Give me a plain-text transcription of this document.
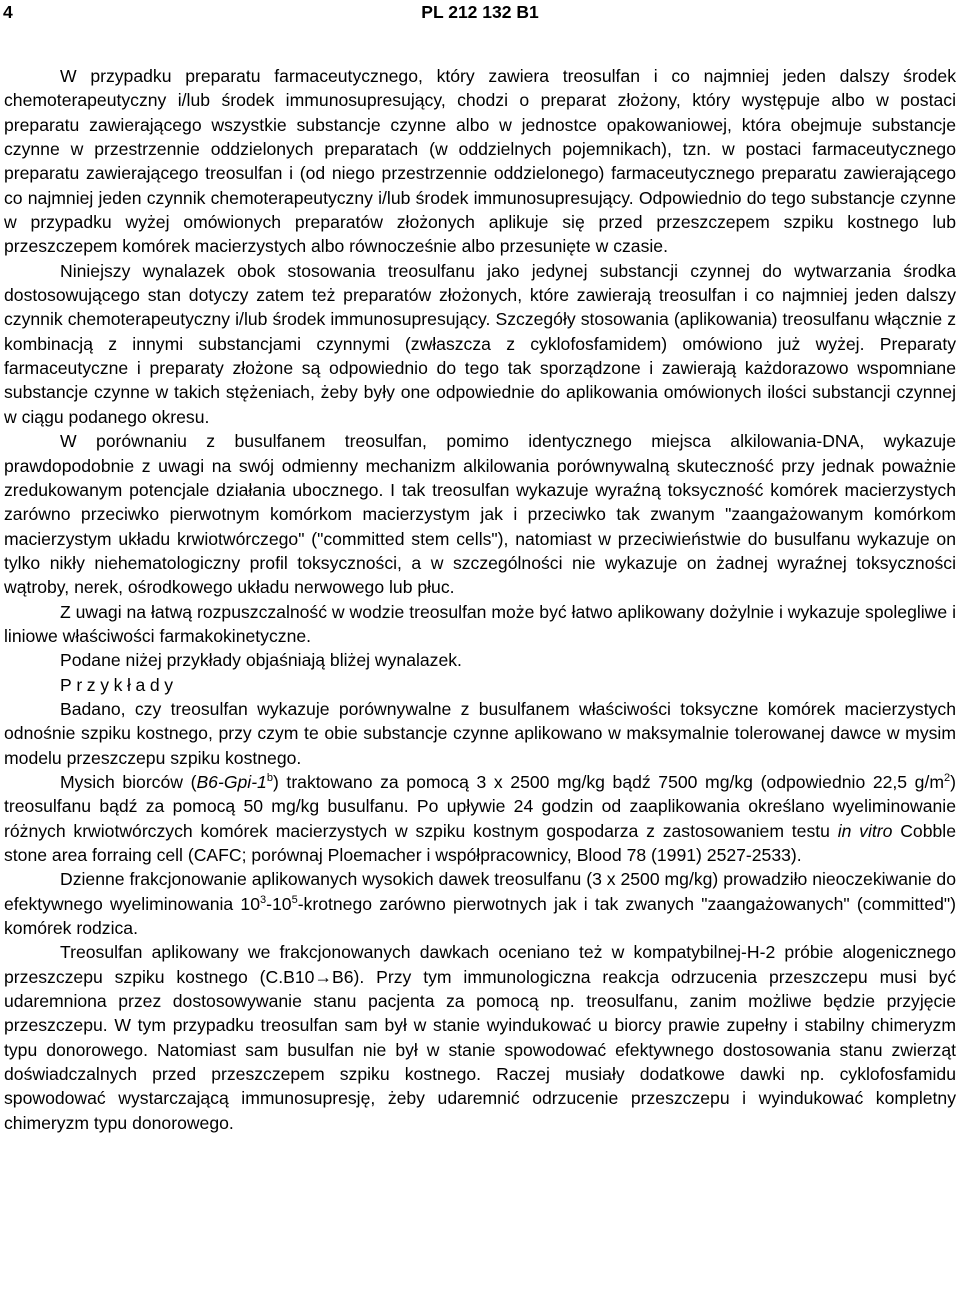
4	PL 212 132 B1

W przypadku preparatu farmaceutycznego, który zawiera treosulfan i co najmniej jeden dalszy środek chemoterapeutyczny i/lub środek immunosupresujący, chodzi o preparat złożony, który występuje albo w postaci preparatu zawierającego wszystkie substancje czynne albo w jednostce opakowaniowej, która obejmuje substancje czynne w przestrzennie oddzielonych preparatach (w oddzielnych pojemnikach), tzn. w postaci farmaceutycznego preparatu zawierającego treosulfan i (od niego przestrzennie oddzielonego) farmaceutycznego preparatu zawierającego co najmniej jeden czynnik chemoterapeutyczny i/lub środek immunosupresujący. Odpowiednio do tego substancje czynne w przypadku wyżej omówionych preparatów złożonych aplikuje się przed przeszczepem szpiku kostnego lub przeszczepem komórek macierzystych albo równocześnie albo przesunięte w czasie.

Niniejszy wynalazek obok stosowania treosulfanu jako jedynej substancji czynnej do wytwarzania środka dostosowującego stan dotyczy zatem też preparatów złożonych, które zawierają treosulfan i co najmniej jeden dalszy czynnik chemoterapeutyczny i/lub środek immunosupresujący. Szczegóły stosowania (aplikowania) treosulfanu włącznie z kombinacją z innymi substancjami czynnymi (zwłaszcza z cyklofosfamidem) omówiono już wyżej. Preparaty farmaceutyczne i preparaty złożone są odpowiednio do tego tak sporządzone i zawierają każdorazowo wspomniane substancje czynne w takich stężeniach, żeby były one odpowiednie do aplikowania omówionych ilości substancji czynnej w ciągu podanego okresu.

W porównaniu z busulfanem treosulfan, pomimo identycznego miejsca alkilowania-DNA, wykazuje prawdopodobnie z uwagi na swój odmienny mechanizm alkilowania porównywalną skuteczność przy jednak poważnie zredukowanym potencjale działania ubocznego. I tak treosulfan wykazuje wyraźną toksyczność komórek macierzystych zarówno przeciwko pierwotnym komórkom macierzystym jak i przeciwko tak zwanym "zaangażowanym komórkom macierzystym układu krwiotwórczego" ("committed stem cells"), natomiast w przeciwieństwie do busulfanu wykazuje on tylko nikły niehematologiczny profil toksyczności, a w szczególności nie wykazuje on żadnej wyraźnej toksyczności wątroby, nerek, ośrodkowego układu nerwowego lub płuc.

Z uwagi na łatwą rozpuszczalność w wodzie treosulfan może być łatwo aplikowany dożylnie i wykazuje spolegliwe i liniowe właściwości farmakokinetyczne.

Podane niżej przykłady objaśniają bliżej wynalazek.

Przykłady

Badano, czy treosulfan wykazuje porównywalne z busulfanem właściwości toksyczne komórek macierzystych odnośnie szpiku kostnego, przy czym te obie substancje czynne aplikowano w maksymalnie tolerowanej dawce w mysim modelu przeszczepu szpiku kostnego.

Mysich biorców (B6-Gpi-1$^b$) traktowano za pomocą 3 x 2500 mg/kg bądź 7500 mg/kg (odpowiednio 22,5 $g/m^2$) treosulfanu bądź za pomocą 50 mg/kg busulfanu. Po upływie 24 godzin od zaaplikowania określano wyeliminowanie różnych krwiotwórczych komórek macierzystych w szpiku kostnym gospodarza z zastosowaniem testu in vitro Cobble stone area forraing cell (CAFC; porównaj Ploemacher i współpracownicy, Blood 78 (1991) 2527-2533).

Dzienne frakcjonowanie aplikowanych wysokich dawek treosulfanu (3 x 2500 mg/kg) prowadziło nieoczekiwanie do efektywnego wyeliminowania $10^3-10^5$-krotnego zarówno pierwotnych jak i tak zwanych "zaangażowanych" (committed") komórek rodzica.

Treosulfan aplikowany we frakcjonowanych dawkach oceniano też w kompatybilnej-H-2 próbie alogenicznego przeszczepu szpiku kostnego (C.B10→B6). Przy tym immunologiczna reakcja odrzucenia przeszczepu musi być udaremniona przez dostosowywanie stanu pacjenta za pomocą np. treosulfanu, zanim możliwe będzie przyjęcie przeszczepu. W tym przypadku treosulfan sam był w stanie wyindukować u biorcy prawie zupełny i stabilny chimeryzm typu donorowego. Natomiast sam busulfan nie był w stanie spowodować efektywnego dostosowania stanu zwierząt doświadczalnych przed przeszczepem szpiku kostnego. Raczej musiały dodatkowe dawki np. cyklofosfamidu spowodować wystarczającą immunosupresję, żeby udaremnić odrzucenie przeszczepu i wyindukować kompletny chimeryzm typu donorowego.
